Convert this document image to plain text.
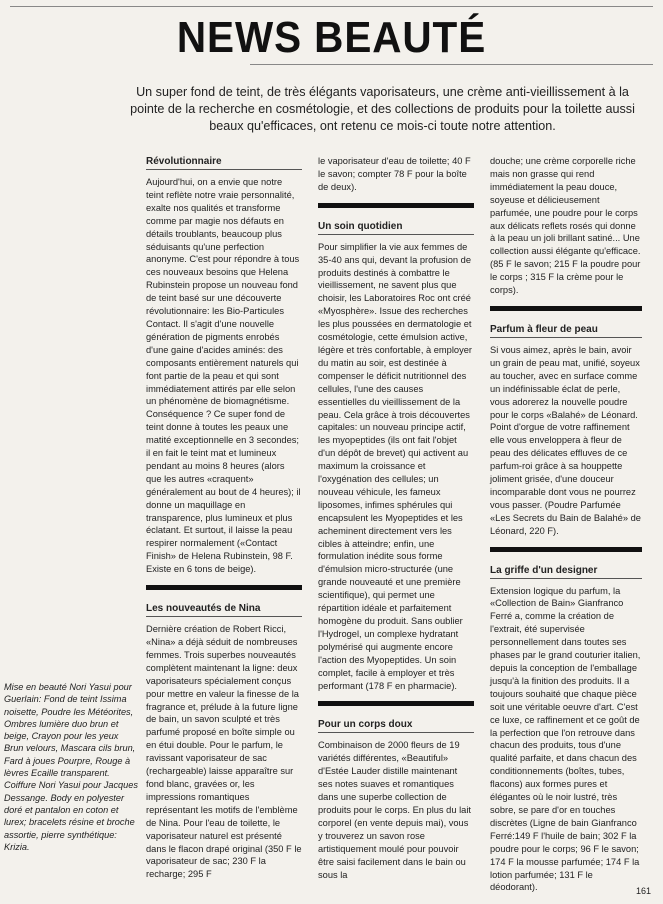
NEWS BEAUTÉ

Un super fond de teint, de très élégants vaporisateurs, une crème anti-vieillissement à la pointe de la recherche en cosmétologie, et des collections de produits pour la toilette aussi beaux qu'efficaces, ont retenu ce mois-ci toute notre attention.

Révolutionnaire

Aujourd'hui, on a envie que notre teint reflète notre vraie personnalité, exalte nos qualités et transforme comme par magie nos défauts en détails troublants, beaucoup plus séduisants qu'une perfection anonyme. C'est pour répondre à tous ces nouveaux besoins que Helena Rubinstein propose un nouveau fond de teint basé sur une découverte révolutionnaire: les Bio-Particules Contact. Il s'agit d'une nouvelle génération de pigments enrobés d'une gaine d'acides aminés: des composants entièrement naturels qui font partie de la peau et qui sont immédiatement attirés par elle selon un phénomène de biomagnétisme. Conséquence ? Ce super fond de teint donne à toutes les peaux une matité exceptionnelle en 3 secondes; il en fait le teint mat et lumineux pendant au moins 8 heures (alors que les autres «craquent» généralement au bout de 4 heures); il donne un maquillage en transparence, plus lumineux et plus éclatant. Et surtout, il laisse la peau respirer normalement («Contact Finish» de Helena Rubinstein, 98 F. Existe en 6 tons de beige).

Les nouveautés de Nina

Dernière création de Robert Ricci, «Nina» a déjà séduit de nombreuses femmes. Trois superbes nouveautés complètent maintenant la ligne: deux vaporisateurs spécialement conçus pour mettre en valeur la finesse de la fragrance et, prélude à la future ligne de bain, un savon sculpté et très parfumé proposé en boîte simple ou en étui double. Pour le parfum, le ravissant vaporisateur de sac (rechargeable) laisse apparaître sur fond blanc, gravées or, les impressions romantiques représentant les motifs de l'emblème de Nina. Pour l'eau de toilette, le vaporisateur naturel est présenté dans le flacon drapé original (350 F le vaporisateur de sac; 230 F la recharge; 295 F

le vaporisateur d'eau de toilette; 40 F le savon; compter 78 F pour la boîte de deux).

Un soin quotidien

Pour simplifier la vie aux femmes de 35-40 ans qui, devant la profusion de produits destinés à combattre le vieillissement, ne savent plus que choisir, les Laboratoires Roc ont créé «Myosphère». Issue des recherches les plus poussées en dermatologie et cosmétologie, cette émulsion active, légère et très confortable, à employer du matin au soir, est destinée à compenser le déficit nutritionnel des cellules, l'une des causes essentielles du vieillissement de la peau. Cela grâce à trois découvertes capitales: un nouveau principe actif, les myopeptides (ils ont fait l'objet d'un dépôt de brevet) qui activent au maximum la croissance et l'oxygénation des cellules; un nouveau véhicule, les fameux liposomes, infimes sphérules qui encapsulent les Myopeptides et les acheminent directement vers les cibles à atteindre; enfin, une formulation inédite sous forme d'émulsion micro-structurée (une grande nouveauté et une première scientifique), qui permet une répartition idéale et parfaitement homogène du produit. Sans oublier l'Hydrogel, un complexe hydratant polymérisé qui augmente encore l'action des Myopeptides. Un soin complet, facile à employer et très performant (178 F en pharmacie).

Pour un corps doux

Combinaison de 2000 fleurs de 19 variétés différentes, «Beautiful» d'Estée Lauder distille maintenant ses notes suaves et romantiques dans une superbe collection de produits pour le corps. En plus du lait corporel (en vente depuis mai), vous y trouverez un savon rose artistiquement moulé pour pouvoir être saisi facilement dans le bain ou sous la

douche; une crème corporelle riche mais non grasse qui rend immédiatement la peau douce, soyeuse et délicieusement parfumée, une poudre pour le corps aux délicats reflets rosés qui donne à la peau un joli brillant satiné... Une collection aussi élégante qu'efficace. (85 F le savon; 215 F la poudre pour le corps ; 315 F la crème pour le corps).

Parfum à fleur de peau

Si vous aimez, après le bain, avoir un grain de peau mat, unifié, soyeux au toucher, avec en surface comme un indéfinissable éclat de perle, vous adorerez la nouvelle poudre pour le corps «Balahé» de Léonard. Point d'orgue de votre raffinement elle vous enveloppera à fleur de peau des délicates effluves de ce parfum-roi grâce à sa houppette joliment grisée, d'une douceur incomparable dont vous ne pourrez vous passer. (Poudre Parfumée «Les Secrets du Bain de Balahé» de Léonard, 220 F).

La griffe d'un designer

Extension logique du parfum, la «Collection de Bain» Gianfranco Ferré a, comme la création de l'extrait, été supervisée personnellement dans toutes ses phases par le grand couturier italien, depuis la conception de l'emballage jusqu'à la finition des produits. Il a toujours souhaité que chaque pièce soit une véritable oeuvre d'art. C'est ce luxe, ce raffinement et ce goût de la perfection que l'on retrouve dans chacun des produits, tous d'une qualité parfaite, et dans chacun des conditionnements (boîtes, tubes, flacons) aux formes pures et élégantes où le noir lustré, très sobre, se pare d'or en touches discrètes (Ligne de bain Gianfranco Ferré:149 F l'huile de bain; 302 F la poudre pour le corps; 96 F le savon; 174 F la mousse parfumée; 174 F la lotion parfumée; 131 F le déodorant).

Mise en beauté Nori Yasui pour Guerlain: Fond de teint Issima noisette, Poudre les Météorites, Ombres lumière duo brun et beige, Crayon pour les yeux Brun velours, Mascara cils brun, Fard à joues Pourpre, Rouge à lèvres Ecaille transparent. Coiffure Nori Yasui pour Jacques Dessange. Body en polyester doré et pantalon en coton et lurex; bracelets résine et broche assortie, pierre synthétique: Krizia.

161
